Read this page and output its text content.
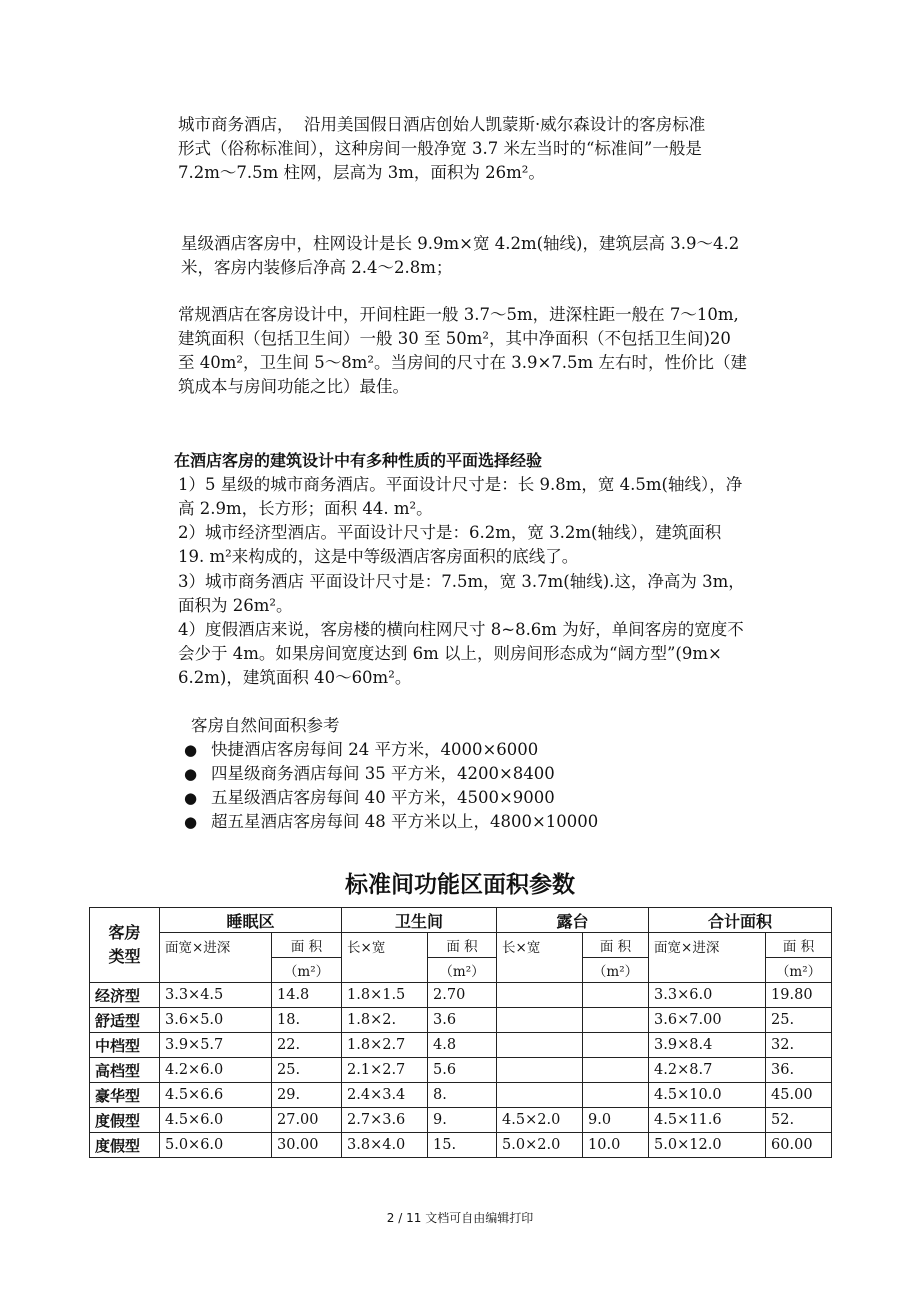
城市商务酒店，  沿用美国假日酒店创始人凯蒙斯·威尔森设计的客房标准
形式（俗称标准间），这种房间一般净宽 3.7 米左当时的“标准间”一般是
7.2m～7.5m 柱网，层高为 3m，面积为 26m²。
星级酒店客房中，柱网设计是长 9.9m×宽 4.2m(轴线)，建筑层高 3.9～4.2
米，客房内装修后净高 2.4～2.8m；
常规酒店在客房设计中，开间柱距一般 3.7～5m，进深柱距一般在 7～10m,
建筑面积（包括卫生间）一般 30 至 50m²，其中净面积（不包括卫生间)20
至 40m²，卫生间 5～8m²。当房间的尺寸在 3.9×7.5m 左右时，性价比（建
筑成本与房间功能之比）最佳。
在酒店客房的建筑设计中有多种性质的平面选择经验
1）5 星级的城市商务酒店。平面设计尺寸是：长 9.8m，宽 4.5m(轴线），净
高 2.9m，长方形；面积 44. m²。
2）城市经济型酒店。平面设计尺寸是：6.2m，宽 3.2m(轴线），建筑面积
19. m²来构成的，这是中等级酒店客房面积的底线了。
3）城市商务酒店 平面设计尺寸是：7.5m，宽 3.7m(轴线).这，净高为 3m，
面积为 26m²。
4）度假酒店来说，客房楼的横向柱网尺寸 8~8.6m 为好，单间客房的宽度不
会少于 4m。如果房间宽度达到 6m 以上，则房间形态成为“阔方型”(9m×
6.2m)，建筑面积 40～60m²。
客房自然间面积参考
● 快捷酒店客房每间 24 平方米，4000×6000
● 四星级商务酒店每间 35 平方米，4200×8400
● 五星级酒店客房每间 40 平方米，4500×9000
● 超五星酒店客房每间 48 平方米以上，4800×10000
标准间功能区面积参数
客房
类型	睡眠区		卫生间		露台		合计面积	
	面宽×进深	面 积	长×宽	面 积	长×宽	面 积	面宽×进深	面 积
		（m²）		（m²）		（m²）		（m²）
经济型	3.3×4.5	14.8	1.8×1.5	2.70			3.3×6.0	19.80
舒适型	3.6×5.0	18.	1.8×2.	3.6			3.6×7.00	25.
中档型	3.9×5.7	22.	1.8×2.7	4.8			3.9×8.4	32.
高档型	4.2×6.0	25.	2.1×2.7	5.6			4.2×8.7	36.
豪华型	4.5×6.6	29.	2.4×3.4	8.			4.5×10.0	45.00
度假型	4.5×6.0	27.00	2.7×3.6	9.	4.5×2.0	9.0	4.5×11.6	52.
度假型	5.0×6.0	30.00	3.8×4.0	15.	5.0×2.0	10.0	5.0×12.0	60.00
2 / 11 文档可自由编辑打印
